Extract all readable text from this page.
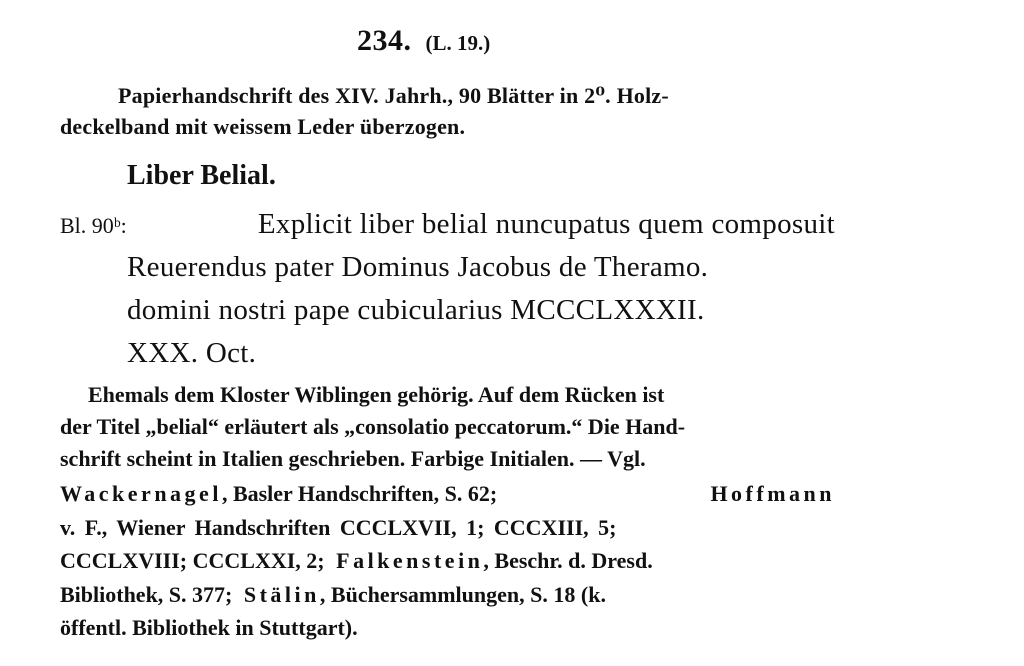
234. (L. 19.)
Papierhandschrift des XIV. Jahrh., 90 Blätter in 2⁰. Holz-
deckelband mit weissem Leder überzogen.
Liber Belial.
Bl. 90ᵇ:	Explicit liber belial nuncupatus quem composuit
Reuerendus pater Dominus Jacobus de Theramo.
domini nostri pape cubicularius MCCCLXXXII.
XXX. Oct.
Ehemals dem Kloster Wiblingen gehörig. Auf dem Rücken ist
der Titel „belial“ erläutert als „consolatio peccatorum.“ Die Hand-
schrift scheint in Italien geschrieben. Farbige Initialen. — Vgl.
Wackernagel, Basler Handschriften, S. 62;	Hoffmann
v. F., Wiener Handschriften CCCLXVII, 1; CCCXIII, 5;
CCCLXVIII; CCCLXXI, 2; Falkenstein, Beschr. d. Dresd.
Bibliothek, S. 377; Stälin, Büchersammlungen, S. 18 (k.
öffentl. Bibliothek in Stuttgart).
